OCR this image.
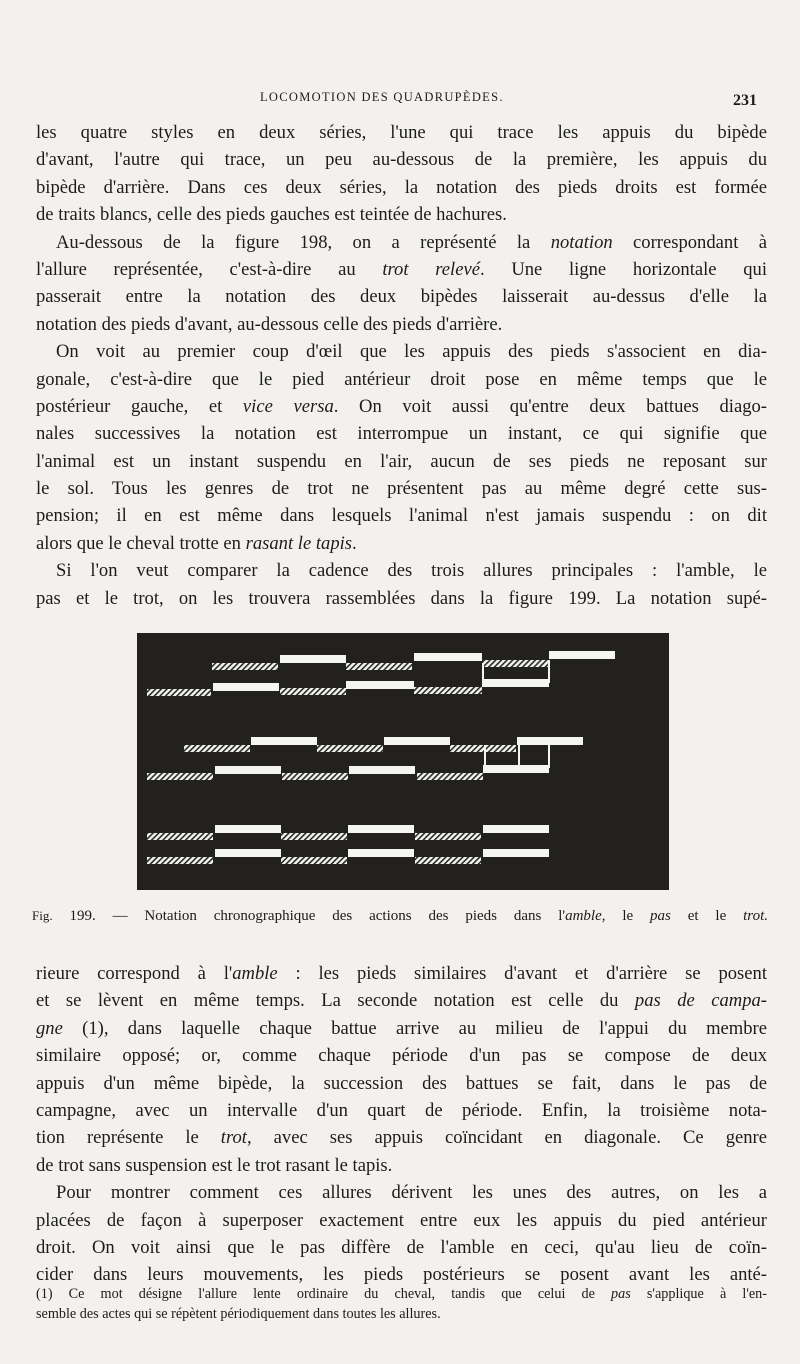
LOCOMOTION DES QUADRUPÈDES.	231
les quatre styles en deux séries, l'une qui trace les appuis du bipède
d'avant, l'autre qui trace, un peu au-dessous de la première, les appuis du
bipède d'arrière. Dans ces deux séries, la notation des pieds droits est formée
de traits blancs, celle des pieds gauches est teintée de hachures.
Au-dessous de la figure 198, on a représenté la notation correspondant à
l'allure représentée, c'est-à-dire au trot relevé. Une ligne horizontale qui
passerait entre la notation des deux bipèdes laisserait au-dessus d'elle la
notation des pieds d'avant, au-dessous celle des pieds d'arrière.
On voit au premier coup d'œil que les appuis des pieds s'associent en dia-
gonale, c'est-à-dire que le pied antérieur droit pose en même temps que le
postérieur gauche, et vice versa. On voit aussi qu'entre deux battues diago-
nales successives la notation est interrompue un instant, ce qui signifie que
l'animal est un instant suspendu en l'air, aucun de ses pieds ne reposant sur
le sol. Tous les genres de trot ne présentent pas au même degré cette sus-
pension; il en est même dans lesquels l'animal n'est jamais suspendu : on dit
alors que le cheval trotte en rasant le tapis.
Si l'on veut comparer la cadence des trois allures principales : l'amble, le
pas et le trot, on les trouvera rassemblées dans la figure 199. La notation supé-
Fig. 199. — Notation chronographique des actions des pieds dans l'amble, le pas et le trot.
rieure correspond à l'amble : les pieds similaires d'avant et d'arrière se posent
et se lèvent en même temps. La seconde notation est celle du pas de campa-
gne (1), dans laquelle chaque battue arrive au milieu de l'appui du membre
similaire opposé; or, comme chaque période d'un pas se compose de deux
appuis d'un même bipède, la succession des battues se fait, dans le pas de
campagne, avec un intervalle d'un quart de période. Enfin, la troisième nota-
tion représente le trot, avec ses appuis coïncidant en diagonale. Ce genre
de trot sans suspension est le trot rasant le tapis.
Pour montrer comment ces allures dérivent les unes des autres, on les a
placées de façon à superposer exactement entre eux les appuis du pied antérieur
droit. On voit ainsi que le pas diffère de l'amble en ceci, qu'au lieu de coïn-
cider dans leurs mouvements, les pieds postérieurs se posent avant les anté-
(1) Ce mot désigne l'allure lente ordinaire du cheval, tandis que celui de pas s'applique à l'en-
semble des actes qui se répètent périodiquement dans toutes les allures.
